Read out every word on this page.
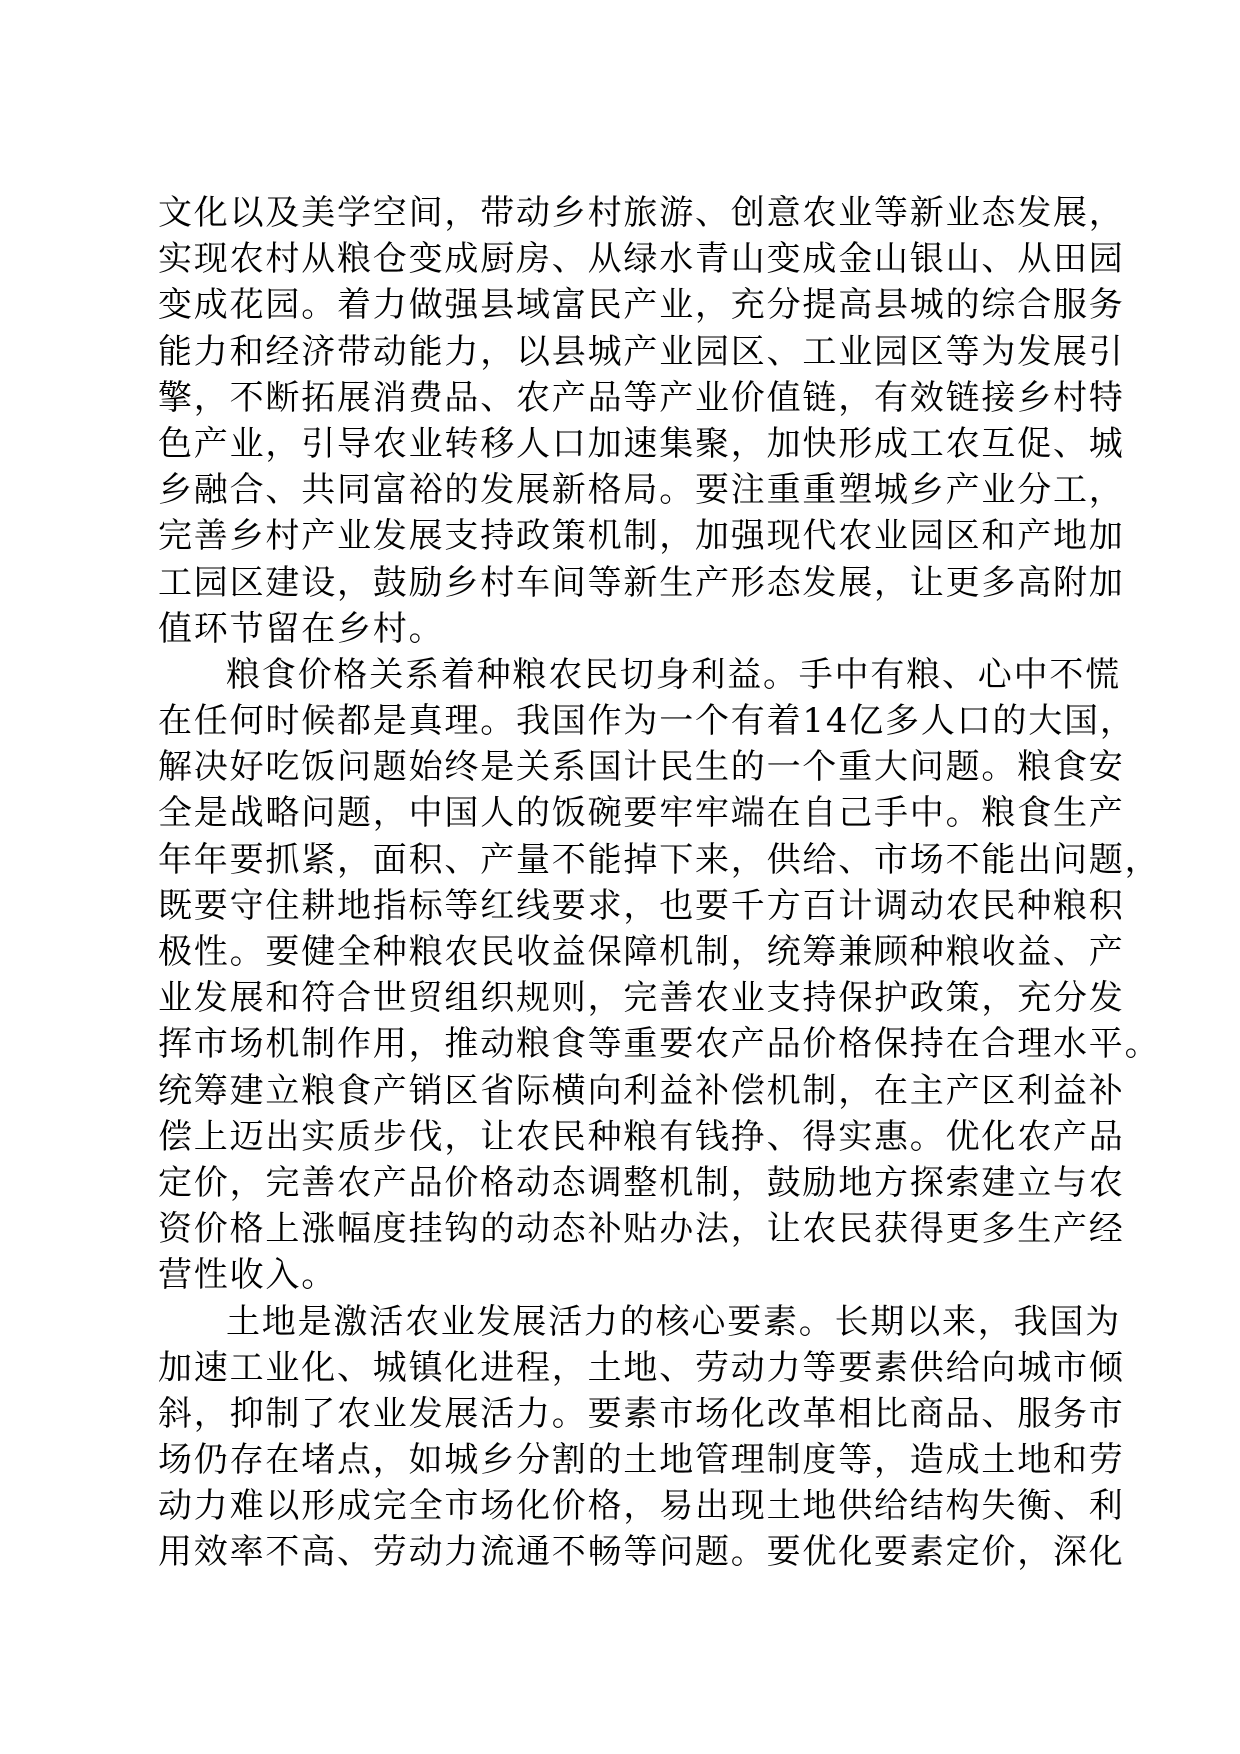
文化以及美学空间，带动乡村旅游、创意农业等新业态发展，
实现农村从粮仓变成厨房、从绿水青山变成金山银山、从田园
变成花园。着力做强县域富民产业，充分提高县城的综合服务
能力和经济带动能力，以县城产业园区、工业园区等为发展引
擎，不断拓展消费品、农产品等产业价值链，有效链接乡村特
色产业，引导农业转移人口加速集聚，加快形成工农互促、城
乡融合、共同富裕的发展新格局。要注重重塑城乡产业分工，
完善乡村产业发展支持政策机制，加强现代农业园区和产地加
工园区建设，鼓励乡村车间等新生产形态发展，让更多高附加
值环节留在乡村。
粮食价格关系着种粮农民切身利益。手中有粮、心中不慌
在任何时候都是真理。我国作为一个有着14亿多人口的大国，
解决好吃饭问题始终是关系国计民生的一个重大问题。粮食安
全是战略问题，中国人的饭碗要牢牢端在自己手中。粮食生产
年年要抓紧，面积、产量不能掉下来，供给、市场不能出问题，
既要守住耕地指标等红线要求，也要千方百计调动农民种粮积
极性。要健全种粮农民收益保障机制，统筹兼顾种粮收益、产
业发展和符合世贸组织规则，完善农业支持保护政策，充分发
挥市场机制作用，推动粮食等重要农产品价格保持在合理水平。
统筹建立粮食产销区省际横向利益补偿机制，在主产区利益补
偿上迈出实质步伐，让农民种粮有钱挣、得实惠。优化农产品
定价，完善农产品价格动态调整机制，鼓励地方探索建立与农
资价格上涨幅度挂钩的动态补贴办法，让农民获得更多生产经
营性收入。
土地是激活农业发展活力的核心要素。长期以来，我国为
加速工业化、城镇化进程，土地、劳动力等要素供给向城市倾
斜，抑制了农业发展活力。要素市场化改革相比商品、服务市
场仍存在堵点，如城乡分割的土地管理制度等，造成土地和劳
动力难以形成完全市场化价格，易出现土地供给结构失衡、利
用效率不高、劳动力流通不畅等问题。要优化要素定价，深化
